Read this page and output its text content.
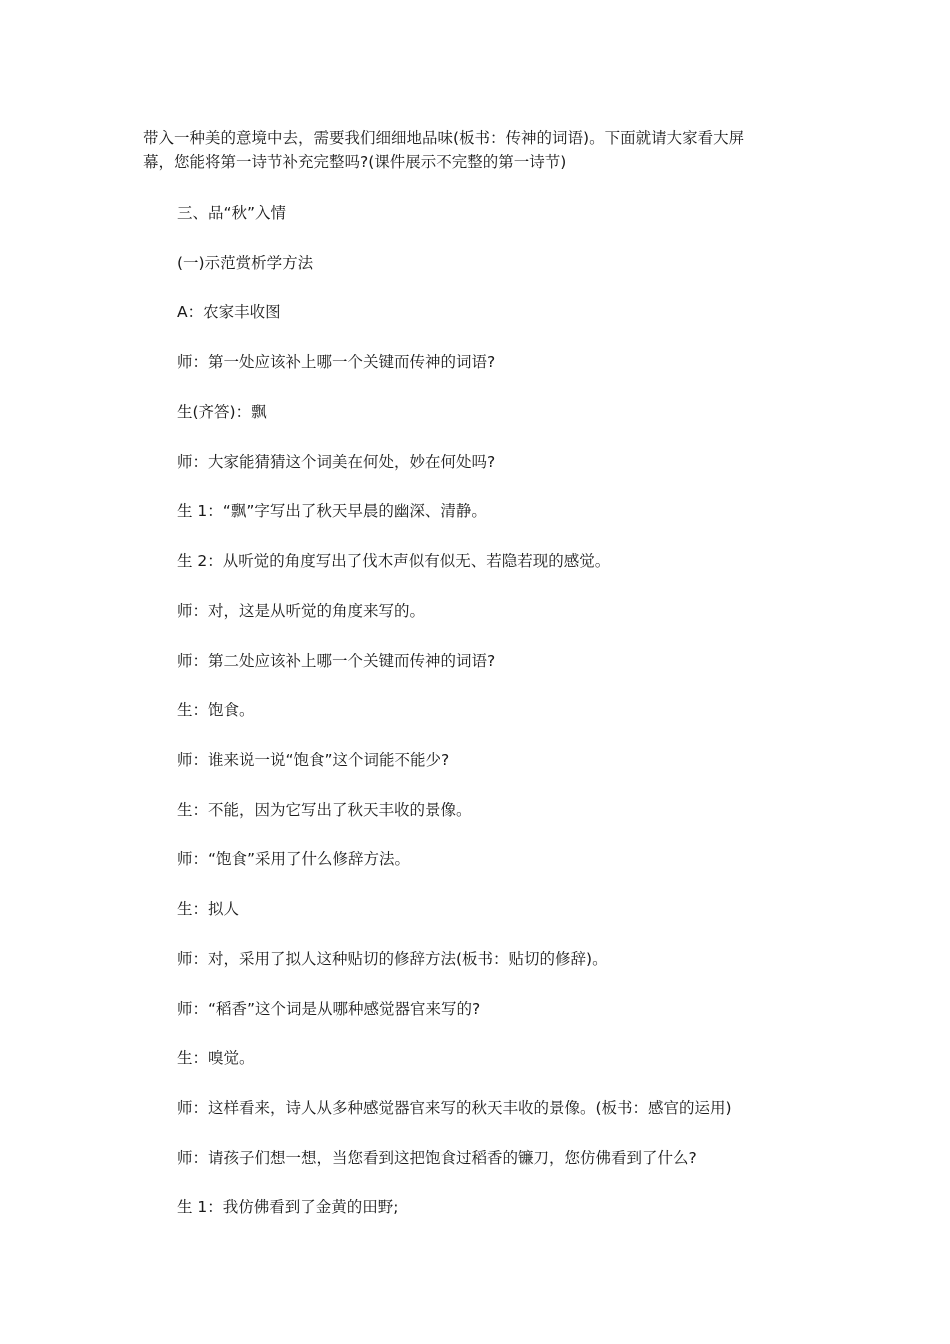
带入一种美的意境中去，需要我们细细地品味(板书：传神的词语)。下面就请大家看大屏
幕，您能将第一诗节补充完整吗?(课件展示不完整的第一诗节)

三、品“秋”入情

(一)示范赏析学方法

A：农家丰收图

师：第一处应该补上哪一个关键而传神的词语?

生(齐答)：飘

师：大家能猜猜这个词美在何处，妙在何处吗?

生 1：“飘”字写出了秋天早晨的幽深、清静。

生 2：从听觉的角度写出了伐木声似有似无、若隐若现的感觉。

师：对，这是从听觉的角度来写的。

师：第二处应该补上哪一个关键而传神的词语?

生：饱食。

师：谁来说一说“饱食”这个词能不能少?

生：不能，因为它写出了秋天丰收的景像。

师：“饱食”采用了什么修辞方法。

生：拟人

师：对，采用了拟人这种贴切的修辞方法(板书：贴切的修辞)。

师：“稻香”这个词是从哪种感觉器官来写的?

生：嗅觉。

师：这样看来，诗人从多种感觉器官来写的秋天丰收的景像。(板书：感官的运用)

师：请孩子们想一想，当您看到这把饱食过稻香的镰刀，您仿佛看到了什么?

生 1：我仿佛看到了金黄的田野;
